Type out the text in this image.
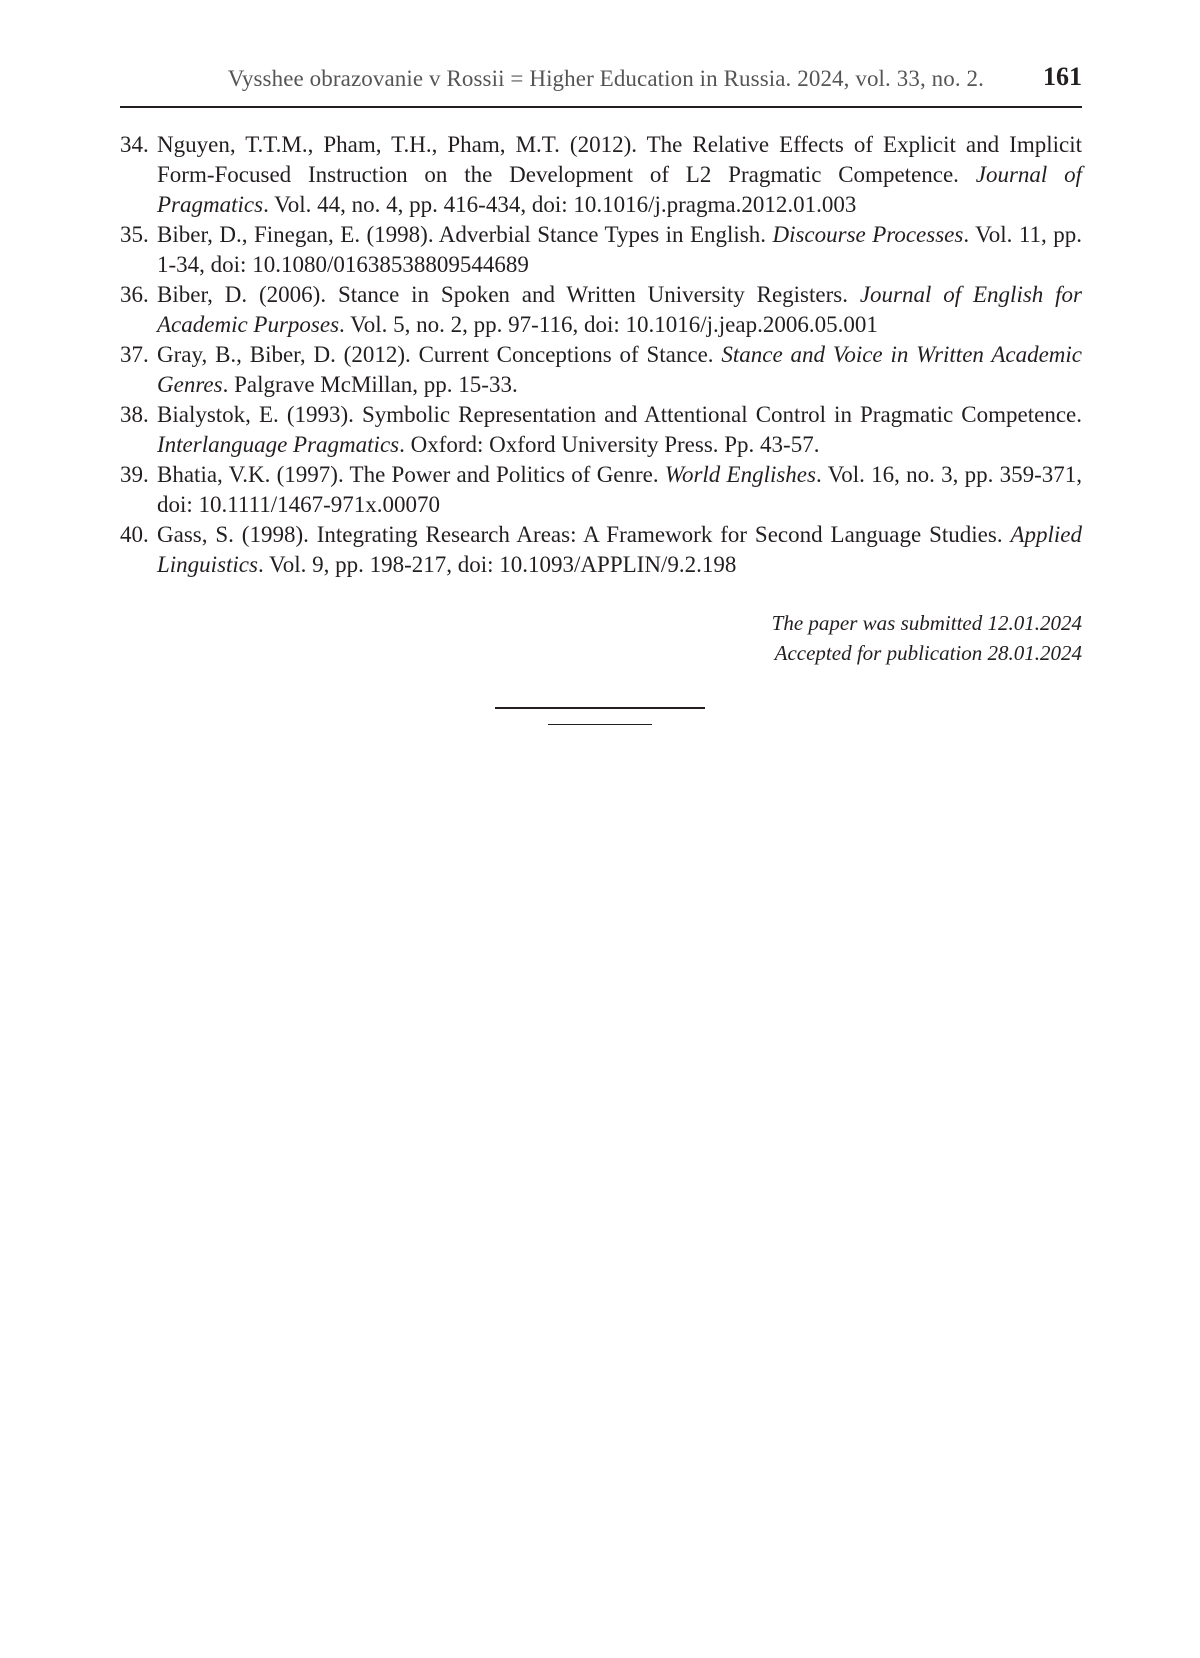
Vysshee obrazovanie v Rossii = Higher Education in Russia. 2024, vol. 33, no. 2. 161

34. Nguyen, T.T.M., Pham, T.H., Pham, M.T. (2012). The Relative Effects of Explicit and Implicit Form-Focused Instruction on the Development of L2 Pragmatic Competence. Journal of Pragmatics. Vol. 44, no. 4, pp. 416-434, doi: 10.1016/j.pragma.2012.01.003

35. Biber, D., Finegan, E. (1998). Adverbial Stance Types in English. Discourse Processes. Vol. 11, pp. 1-34, doi: 10.1080/01638538809544689

36. Biber, D. (2006). Stance in Spoken and Written University Registers. Journal of English for Academic Purposes. Vol. 5, no. 2, pp. 97-116, doi: 10.1016/j.jeap.2006.05.001

37. Gray, B., Biber, D. (2012). Current Conceptions of Stance. Stance and Voice in Written Academic Genres. Palgrave McMillan, pp. 15-33.

38. Bialystok, E. (1993). Symbolic Representation and Attentional Control in Pragmatic Competence. Interlanguage Pragmatics. Oxford: Oxford University Press. Pp. 43-57.

39. Bhatia, V.K. (1997). The Power and Politics of Genre. World Englishes. Vol. 16, no. 3, pp. 359-371, doi: 10.1111/1467-971x.00070

40. Gass, S. (1998). Integrating Research Areas: A Framework for Second Language Studies. Applied Linguistics. Vol. 9, pp. 198-217, doi: 10.1093/APPLIN/9.2.198

The paper was submitted 12.01.2024
Accepted for publication 28.01.2024
